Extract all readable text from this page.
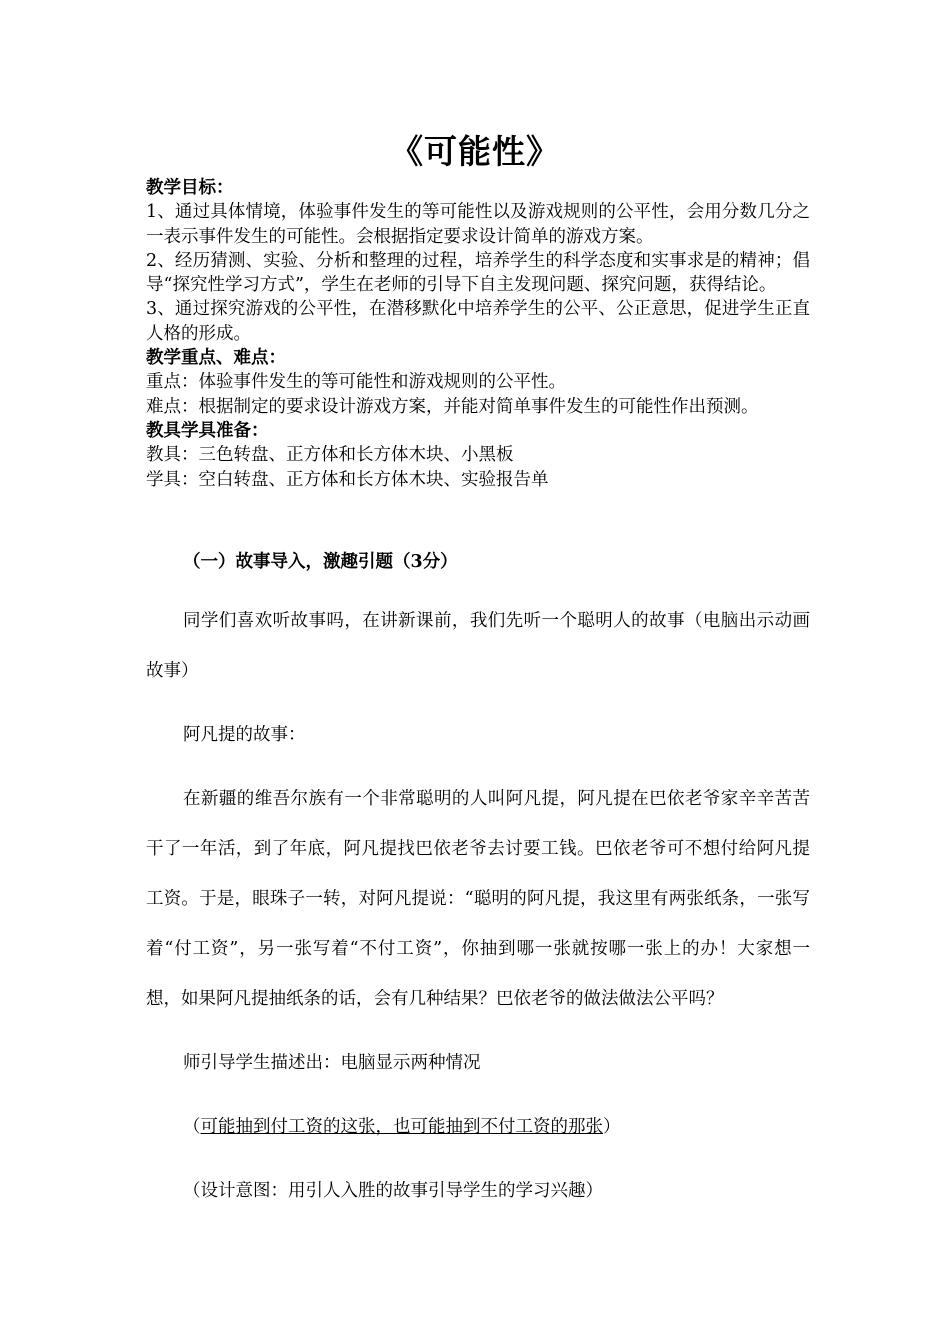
《可能性》

教学目标：

1、通过具体情境，体验事件发生的等可能性以及游戏规则的公平性，会用分数几分之一表示事件发生的可能性。会根据指定要求设计简单的游戏方案。

2、经历猜测、实验、分析和整理的过程，培养学生的科学态度和实事求是的精神；倡导“探究性学习方式”，学生在老师的引导下自主发现问题、探究问题，获得结论。

3、通过探究游戏的公平性，在潜移默化中培养学生的公平、公正意思，促进学生正直人格的形成。

教学重点、难点：

重点：体验事件发生的等可能性和游戏规则的公平性。

难点：根据制定的要求设计游戏方案，并能对简单事件发生的可能性作出预测。

教具学具准备：

教具：三色转盘、正方体和长方体木块、小黑板

学具：空白转盘、正方体和长方体木块、实验报告单

（一）故事导入，激趣引题（3分）

同学们喜欢听故事吗，在讲新课前，我们先听一个聪明人的故事（电脑出示动画故事）

阿凡提的故事：

在新疆的维吾尔族有一个非常聪明的人叫阿凡提，阿凡提在巴依老爷家辛辛苦苦干了一年活，到了年底，阿凡提找巴依老爷去讨要工钱。巴依老爷可不想付给阿凡提工资。于是，眼珠子一转，对阿凡提说：“聪明的阿凡提，我这里有两张纸条，一张写着“付工资”，另一张写着“不付工资”，你抽到哪一张就按哪一张上的办！大家想一想，如果阿凡提抽纸条的话，会有几种结果？巴依老爷的做法做法公平吗？

师引导学生描述出：电脑显示两种情况

（可能抽到付工资的这张，也可能抽到不付工资的那张）

（设计意图：用引人入胜的故事引导学生的学习兴趣）
